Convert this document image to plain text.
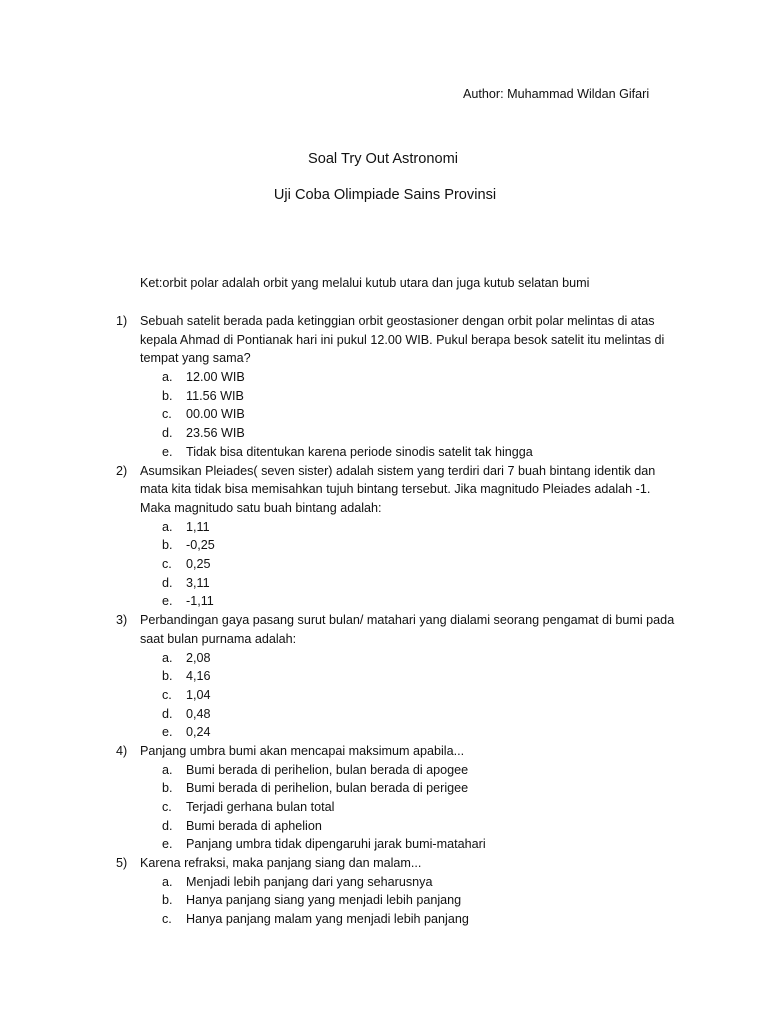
Author: Muhammad Wildan Gifari
Soal Try Out Astronomi
Uji Coba Olimpiade Sains Provinsi
Ket:orbit polar adalah orbit yang melalui kutub utara dan juga kutub selatan bumi
1) Sebuah satelit berada pada ketinggian orbit geostasioner dengan orbit polar melintas di atas kepala Ahmad di Pontianak hari ini pukul 12.00 WIB. Pukul berapa besok satelit itu melintas di tempat yang sama?
a. 12.00 WIB
b. 11.56 WIB
c. 00.00 WIB
d. 23.56 WIB
e. Tidak bisa ditentukan karena periode sinodis satelit tak hingga
2) Asumsikan Pleiades( seven sister) adalah sistem yang terdiri dari 7 buah bintang identik dan mata kita tidak bisa memisahkan tujuh bintang tersebut. Jika magnitudo Pleiades adalah -1. Maka magnitudo satu buah bintang adalah:
a. 1,11
b. -0,25
c. 0,25
d. 3,11
e. -1,11
3) Perbandingan gaya pasang surut bulan/ matahari yang dialami seorang pengamat di bumi pada saat bulan purnama adalah:
a. 2,08
b. 4,16
c. 1,04
d. 0,48
e. 0,24
4) Panjang umbra bumi akan mencapai maksimum apabila...
a. Bumi berada di perihelion, bulan berada di apogee
b. Bumi berada di perihelion, bulan berada di perigee
c. Terjadi gerhana bulan total
d. Bumi berada di aphelion
e. Panjang umbra tidak dipengaruhi jarak bumi-matahari
5) Karena refraksi, maka panjang siang dan malam...
a. Menjadi lebih panjang dari yang seharusnya
b. Hanya panjang siang yang menjadi lebih panjang
c. Hanya panjang malam yang menjadi lebih panjang
